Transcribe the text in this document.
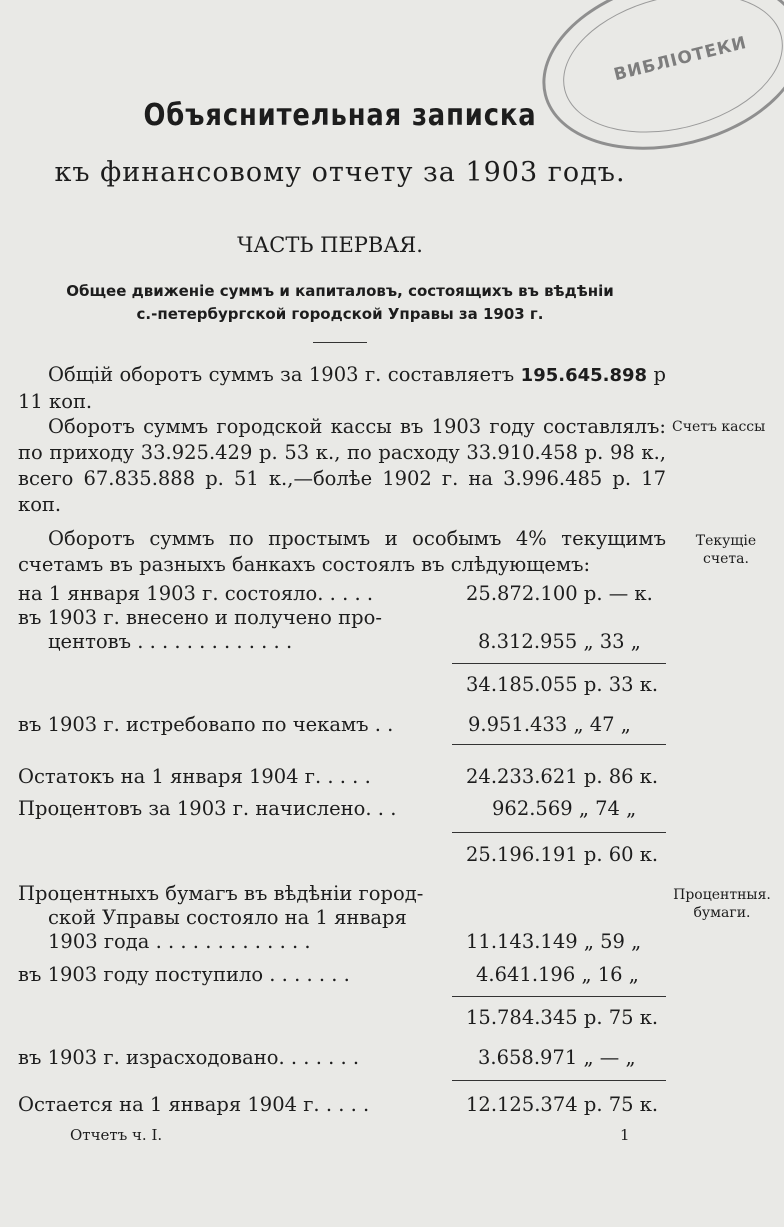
ВИБЛІОТЕКИ
Объяснительная записка
къ финансовому отчету за 1903 годъ.
ЧАСТЬ ПЕРВАЯ.
Общее движенiе суммъ и капиталовъ, состоящихъ въ вѣдѣнiи
с.-петербургской городской Управы за 1903 г.
Общiй оборотъ суммъ за 1903 г. составляетъ 195.645.898 р 11 коп.
Оборотъ суммъ городской кассы въ 1903 году составлялъ: по приходу 33.925.429 р. 53 к., по расходу 33.910.458 р. 98 к., всего 67.835.888 р. 51 к.,—болѣе 1902 г. на 3.996.485 р. 17 коп.
Оборотъ суммъ по простымъ и особымъ 4% текущимъ счетамъ въ разныхъ банкахъ состоялъ въ слѣдующемъ:
на 1 января 1903 г. состояло. . . . .	25.872.100 р. — к.
въ 1903 г. внесено и получено про-
центовъ . . . . . . . . . . . . .	8.312.955 „ 33 „
34.185.055 р. 33 к.
въ 1903 г. истребовапо по чекамъ . .	9.951.433 „ 47 „
Остатокъ на 1 января 1904 г. . . . .	24.233.621 р. 86 к.
Процентовъ за 1903 г. начислено. . .	962.569 „ 74 „
25.196.191 р. 60 к.
Процентныхъ бумагъ въ вѣдѣнiи город-
ской Управы состояло на 1 января
1903 года . . . . . . . . . . . . .	11.143.149 „ 59 „
въ 1903 году поступило . . . . . . .	4.641.196 „ 16 „
15.784.345 р. 75 к.
въ 1903 г. израсходовано. . . . . . .	3.658.971 „ — „
Остается на 1 января 1904 г. . . . .	12.125.374 р. 75 к.
Счетъ кассы
Текущiе
счета.
Процентныя.
бумаги.
Отчетъ ч. I.	1
